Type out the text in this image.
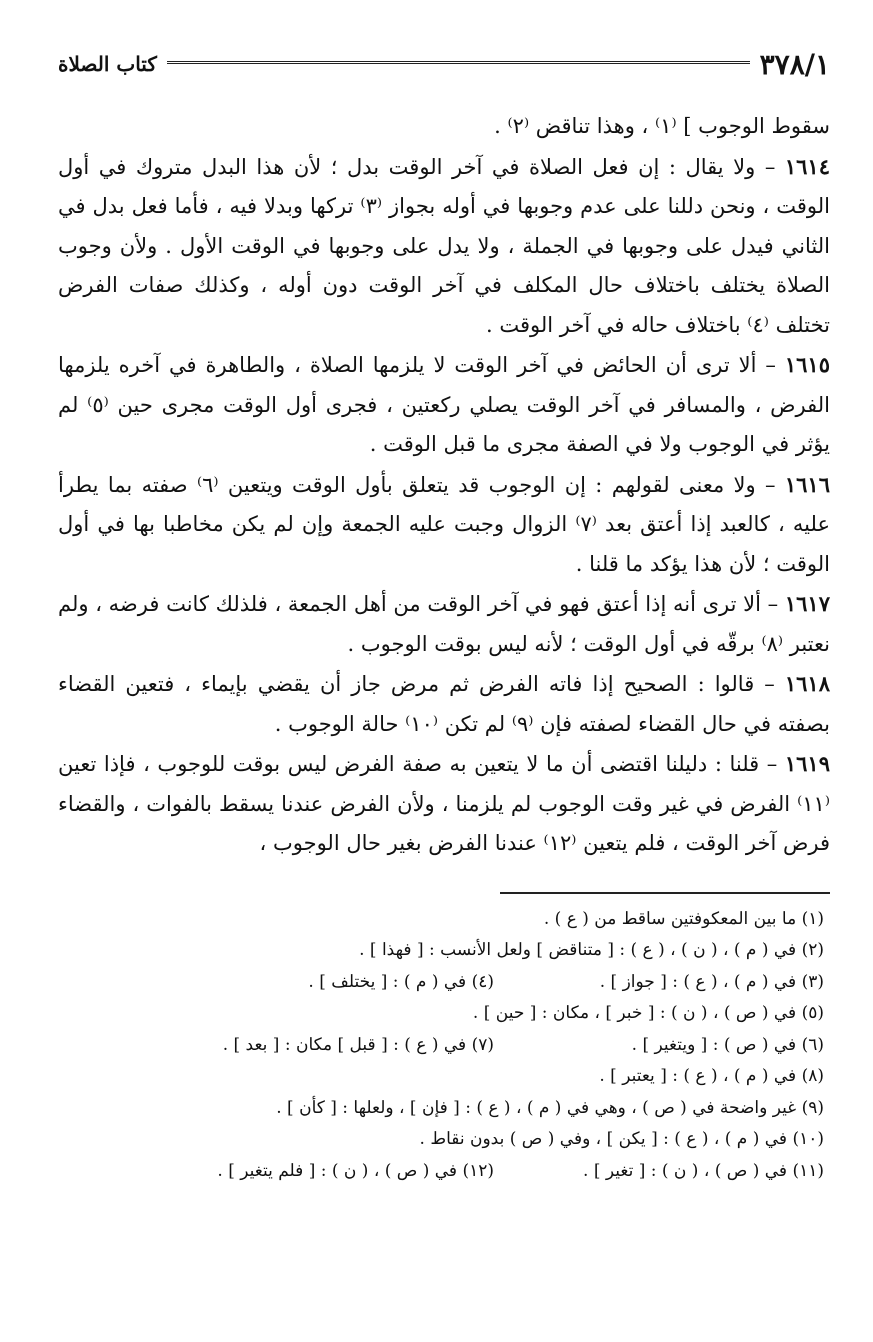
٣٧٨/١
كتاب الصلاة

سقوط الوجوب ] ⁽١⁾ ، وهذا تناقض ⁽٢⁾ .

١٦١٤ – ولا يقال : إن فعل الصلاة في آخر الوقت بدل ؛ لأن هذا البدل متروك في أول الوقت ، ونحن دللنا على عدم وجوبها في أوله بجواز ⁽٣⁾ تركها وبدلا فيه ، فأما فعل بدل في الثاني فيدل على وجوبها في الجملة ، ولا يدل على وجوبها في الوقت الأول . ولأن وجوب الصلاة يختلف باختلاف حال المكلف في آخر الوقت دون أوله ، وكذلك صفات الفرض تختلف ⁽٤⁾ باختلاف حاله في آخر الوقت .

١٦١٥ – ألا ترى أن الحائض في آخر الوقت لا يلزمها الصلاة ، والطاهرة في آخره يلزمها الفرض ، والمسافر في آخر الوقت يصلي ركعتين ، فجرى أول الوقت مجرى حين ⁽٥⁾ لم يؤثر في الوجوب ولا في الصفة مجرى ما قبل الوقت .

١٦١٦ – ولا معنى لقولهم : إن الوجوب قد يتعلق بأول الوقت ويتعين ⁽٦⁾ صفته بما يطرأ عليه ، كالعبد إذا أعتق بعد ⁽٧⁾ الزوال وجبت عليه الجمعة وإن لم يكن مخاطبا بها في أول الوقت ؛ لأن هذا يؤكد ما قلنا .

١٦١٧ – ألا ترى أنه إذا أعتق فهو في آخر الوقت من أهل الجمعة ، فلذلك كانت فرضه ، ولم نعتبر ⁽٨⁾ برقّه في أول الوقت ؛ لأنه ليس بوقت الوجوب .

١٦١٨ – قالوا : الصحيح إذا فاته الفرض ثم مرض جاز أن يقضي بإيماء ، فتعين القضاء بصفته في حال القضاء لصفته فإن ⁽٩⁾ لم تكن ⁽١٠⁾ حالة الوجوب .

١٦١٩ – قلنا : دليلنا اقتضى أن ما لا يتعين به صفة الفرض ليس بوقت للوجوب ، فإذا تعين ⁽١١⁾ الفرض في غير وقت الوجوب لم يلزمنا ، ولأن الفرض عندنا يسقط بالفوات ، والقضاء فرض آخر الوقت ، فلم يتعين ⁽١٢⁾ عندنا الفرض بغير حال الوجوب ،

(١) ما بين المعكوفتين ساقط من ( ع ) .
(٢) في ( م ) ، ( ن ) ، ( ع ) : [ متناقض ] ولعل الأنسب : [ فهذا ] .
(٣) في ( م ) ، ( ع ) : [ جواز ] .
(٤) في ( م ) : [ يختلف ] .
(٥) في ( ص ) ، ( ن ) : [ خبر ] ، مكان : [ حين ] .
(٦) في ( ص ) : [ ويتغير ] .
(٧) في ( ع ) : [ قبل ] مكان : [ بعد ] .
(٨) في ( م ) ، ( ع ) : [ يعتبر ] .
(٩) غير واضحة في ( ص ) ، وهي في ( م ) ، ( ع ) : [ فإن ] ، ولعلها : [ كأن ] .
(١٠) في ( م ) ، ( ع ) : [ يكن ] ، وفي ( ص ) بدون نقاط .
(١١) في ( ص ) ، ( ن ) : [ تغير ] .
(١٢) في ( ص ) ، ( ن ) : [ فلم يتغير ] .
